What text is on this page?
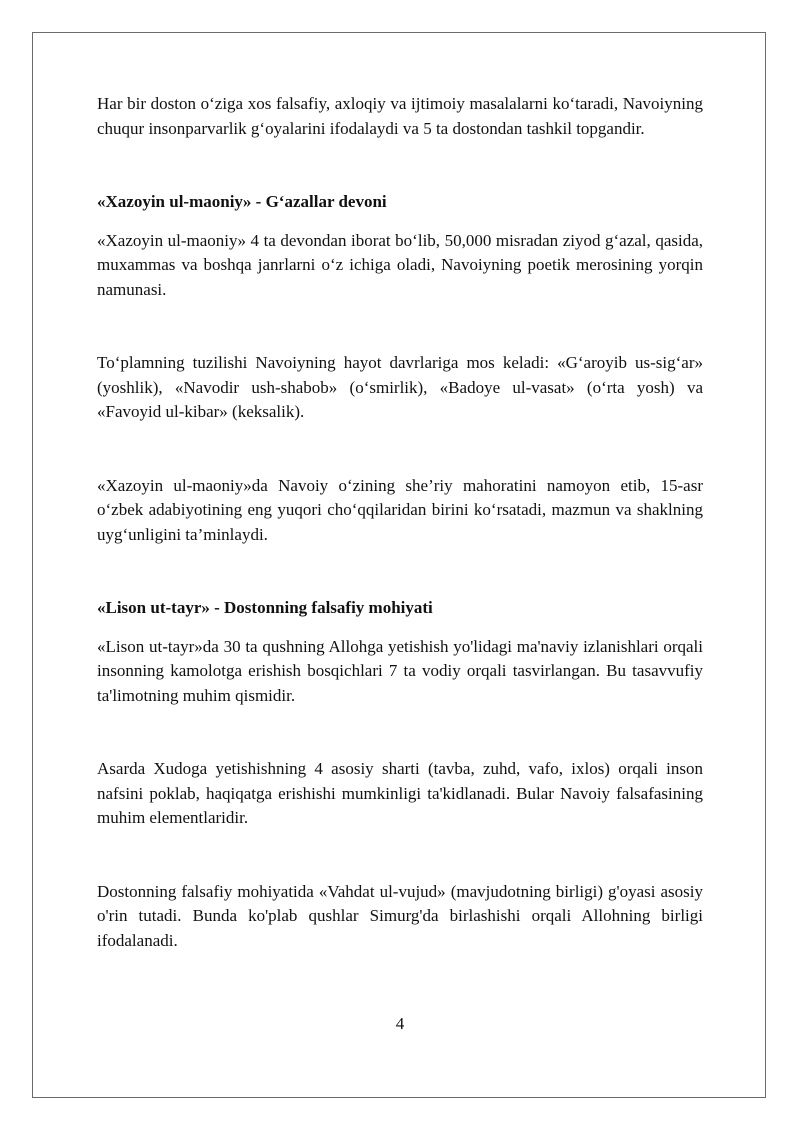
Har bir doston o‘ziga xos falsafiy, axloqiy va ijtimoiy masalalarni ko‘taradi, Navoiyning chuqur insonparvarlik g‘oyalarini ifodalaydi va 5 ta dostondan tashkil topgandir.

«Xazoyin ul-maoniy» - G‘azallar devoni

«Xazoyin ul-maoniy» 4 ta devondan iborat bo‘lib, 50,000 misradan ziyod g‘azal, qasida, muxammas va boshqa janrlarni o‘z ichiga oladi, Navoiyning poetik merosining yorqin namunasi.

To‘plamning tuzilishi Navoiyning hayot davrlariga mos keladi: «G‘aroyib us-sig‘ar» (yoshlik), «Navodir ush-shabob» (o‘smirlik), «Badoye ul-vasat» (o‘rta yosh) va «Favoyid ul-kibar» (keksalik).

«Xazoyin ul-maoniy»da Navoiy o‘zining she’riy mahoratini namoyon etib, 15-asr o‘zbek adabiyotining eng yuqori cho‘qqilaridan birini ko‘rsatadi, mazmun va shaklning uyg‘unligini ta’minlaydi.

«Lison ut-tayr» - Dostonning falsafiy mohiyati

«Lison ut-tayr»da 30 ta qushning Allohga yetishish yo'lidagi ma'naviy izlanishlari orqali insonning kamolotga erishish bosqichlari 7 ta vodiy orqali tasvirlangan. Bu tasavvufiy ta'limotning muhim qismidir.

Asarda Xudoga yetishishning 4 asosiy sharti (tavba, zuhd, vafo, ixlos) orqali inson nafsini poklab, haqiqatga erishishi mumkinligi ta'kidlanadi. Bular Navoiy falsafasining muhim elementlaridir.

Dostonning falsafiy mohiyatida «Vahdat ul-vujud» (mavjudotning birligi) g'oyasi asosiy o'rin tutadi. Bunda ko'plab qushlar Simurg'da birlashishi orqali Allohning birligi ifodalanadi.

4
